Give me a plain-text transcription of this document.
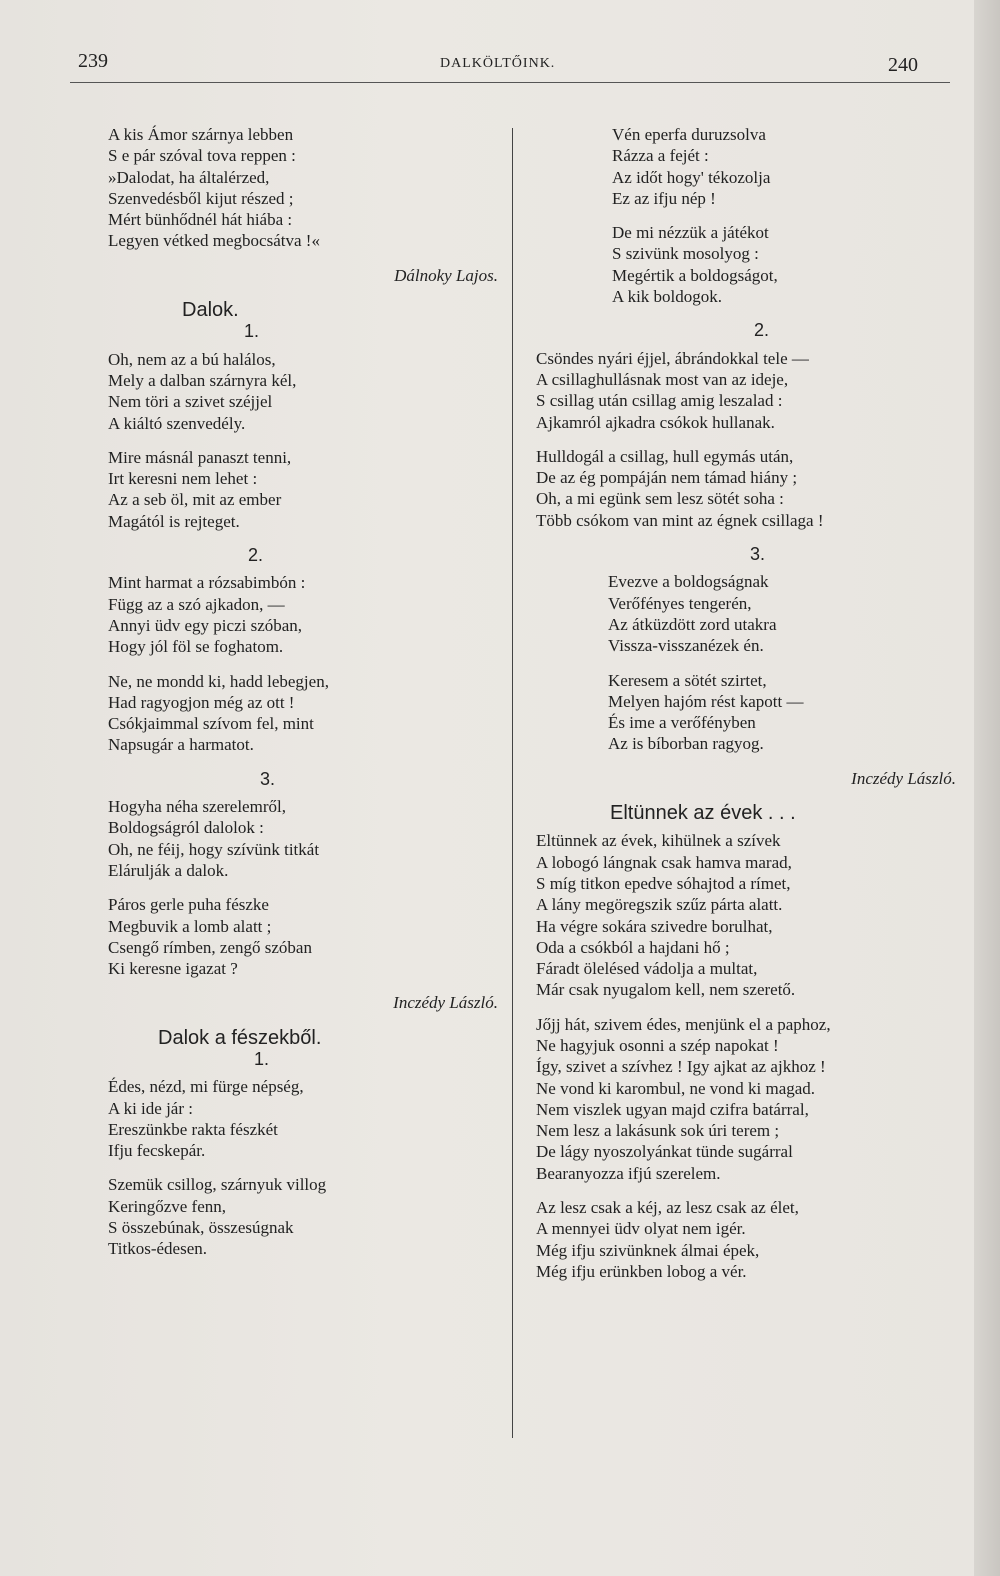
239	DALKÖLTŐINK.	240
A kis Ámor szárnya lebben
S e pár szóval tova reppen :
»Dalodat, ha általérzed,
Szenvedésből kijut részed ;
Mért bünhődnél hát hiába :
Legyen vétked megbocsátva !«
Dálnoky Lajos.
Dalok.
1.
Oh, nem az a bú halálos,
Mely a dalban szárnyra kél,
Nem töri a szivet széjjel
A kiáltó szenvedély.
Mire másnál panaszt tenni,
Irt keresni nem lehet :
Az a seb öl, mit az ember
Magától is rejteget.
2.
Mint harmat a rózsabimbón :
Függ az a szó ajkadon, —
Annyi üdv egy piczi szóban,
Hogy jól föl se foghatom.
Ne, ne mondd ki, hadd lebegjen,
Had ragyogjon még az ott !
Csókjaimmal szívom fel, mint
Napsugár a harmatot.
3.
Hogyha néha szerelemről,
Boldogságról dalolok :
Oh, ne féij, hogy szívünk titkát
Elárulják a dalok.
Páros gerle puha fészke
Megbuvik a lomb alatt ;
Csengő rímben, zengő szóban
Ki keresne igazat ?
Inczédy László.
Dalok a fészekből.
1.
Édes, nézd, mi fürge népség,
A ki ide jár :
Ereszünkbe rakta fészkét
Ifju fecskepár.
Szemük csillog, szárnyuk villog
Keringőzve fenn,
S összebúnak, összesúgnak
Titkos-édesen.
Vén eperfa duruzsolva
Rázza a fejét :
Az időt hogy' tékozolja
Ez az ifju nép !
De mi nézzük a játékot
S szivünk mosolyog :
Megértik a boldogságot,
A kik boldogok.
2.
Csöndes nyári éjjel, ábrándokkal tele —
A csillaghullásnak most van az ideje,
S csillag után csillag amig leszalad :
Ajkamról ajkadra csókok hullanak.
Hulldogál a csillag, hull egymás után,
De az ég pompáján nem támad hiány ;
Oh, a mi egünk sem lesz sötét soha :
Több csókom van mint az égnek csillaga !
3.
Evezve a boldogságnak
Verőfényes tengerén,
Az átküzdött zord utakra
Vissza-visszanézek én.
Keresem a sötét szirtet,
Melyen hajóm rést kapott —
És ime a verőfényben
Az is bíborban ragyog.
Inczédy László.
Eltünnek az évek . . .
Eltünnek az évek, kihülnek a szívek
A lobogó lángnak csak hamva marad,
S míg titkon epedve sóhajtod a rímet,
A lány megöregszik szűz párta alatt.
Ha végre sokára szivedre borulhat,
Oda a csókból a hajdani hő ;
Fáradt ölelésed vádolja a multat,
Már csak nyugalom kell, nem szerető.
Jőjj hát, szivem édes, menjünk el a paphoz,
Ne hagyjuk osonni a szép napokat !
Így, szivet a szívhez ! Igy ajkat az ajkhoz !
Ne vond ki karombul, ne vond ki magad.
Nem viszlek ugyan majd czifra batárral,
Nem lesz a lakásunk sok úri terem ;
De lágy nyoszolyánkat tünde sugárral
Bearanyozza ifjú szerelem.
Az lesz csak a kéj, az lesz csak az élet,
A mennyei üdv olyat nem igér.
Még ifju szivünknek álmai épek,
Még ifju erünkben lobog a vér.
